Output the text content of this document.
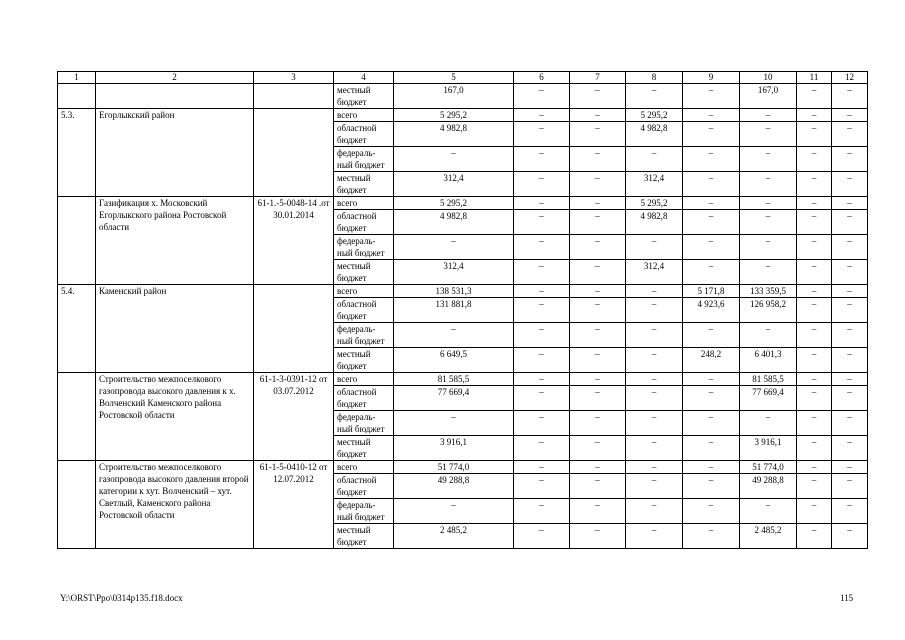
1	2	3	4	5	6	7	8	9	10	11	12
			местный бюджет	167,0	–	–	–	–	167,0	–	–
5.3.	Егорлыкский район		всего	5 295,2	–	–	5 295,2	–	–	–	–
			областной бюджет	4 982,8	–	–	4 982,8	–	–	–	–
			федераль-ный бюджет	–	–	–	–	–	–	–	–
			местный бюджет	312,4	–	–	312,4	–	–	–	–
	Газификация х. Московский Егорлыкского района Ростовской области	61-1.-5-0048-14 .от 30.01.2014	всего	5 295,2	–	–	5 295,2	–	–	–	–
			областной бюджет	4 982,8	–	–	4 982,8	–	–	–	–
			федераль-ный бюджет	–	–	–	–	–	–	–	–
			местный бюджет	312,4	–	–	312,4	–	–	–	–
5.4.	Каменский район		всего	138 531,3	–	–	–	5 171,8	133 359,5	–	–
			областной бюджет	131 881,8	–	–	–	4 923,6	126 958,2	–	–
			федераль-ный бюджет	–	–	–	–	–	–	–	–
			местный бюджет	6 649,5	–	–	–	248,2	6 401,3	–	–
	Строительство межпоселкового газопровода высокого давления к х. Волченский Каменского района Ростовской области	61-1-3-0391-12 от 03.07.2012	всего	81 585,5	–	–	–	–	81 585,5	–	–
			областной бюджет	77 669,4	–	–	–	–	77 669,4	–	–
			федераль-ный бюджет	–	–	–	–	–	–	–	–
			местный бюджет	3 916,1	–	–	–	–	3 916,1	–	–
	Строительство межпоселкового газопровода высокого давления второй категории к хут. Волченский – хут. Светлый, Каменского района Ростовской области	61-1-5-0410-12 от 12.07.2012	всего	51 774,0	–	–	–	–	51 774,0	–	–
			областной бюджет	49 288,8	–	–	–	–	49 288,8	–	–
			федераль-ный бюджет	–	–	–	–	–	–	–	–
			местный бюджет	2 485,2	–	–	–	–	2 485,2	–	–
Y:\ORST\Ppo\0314p135.f18.docx	115
